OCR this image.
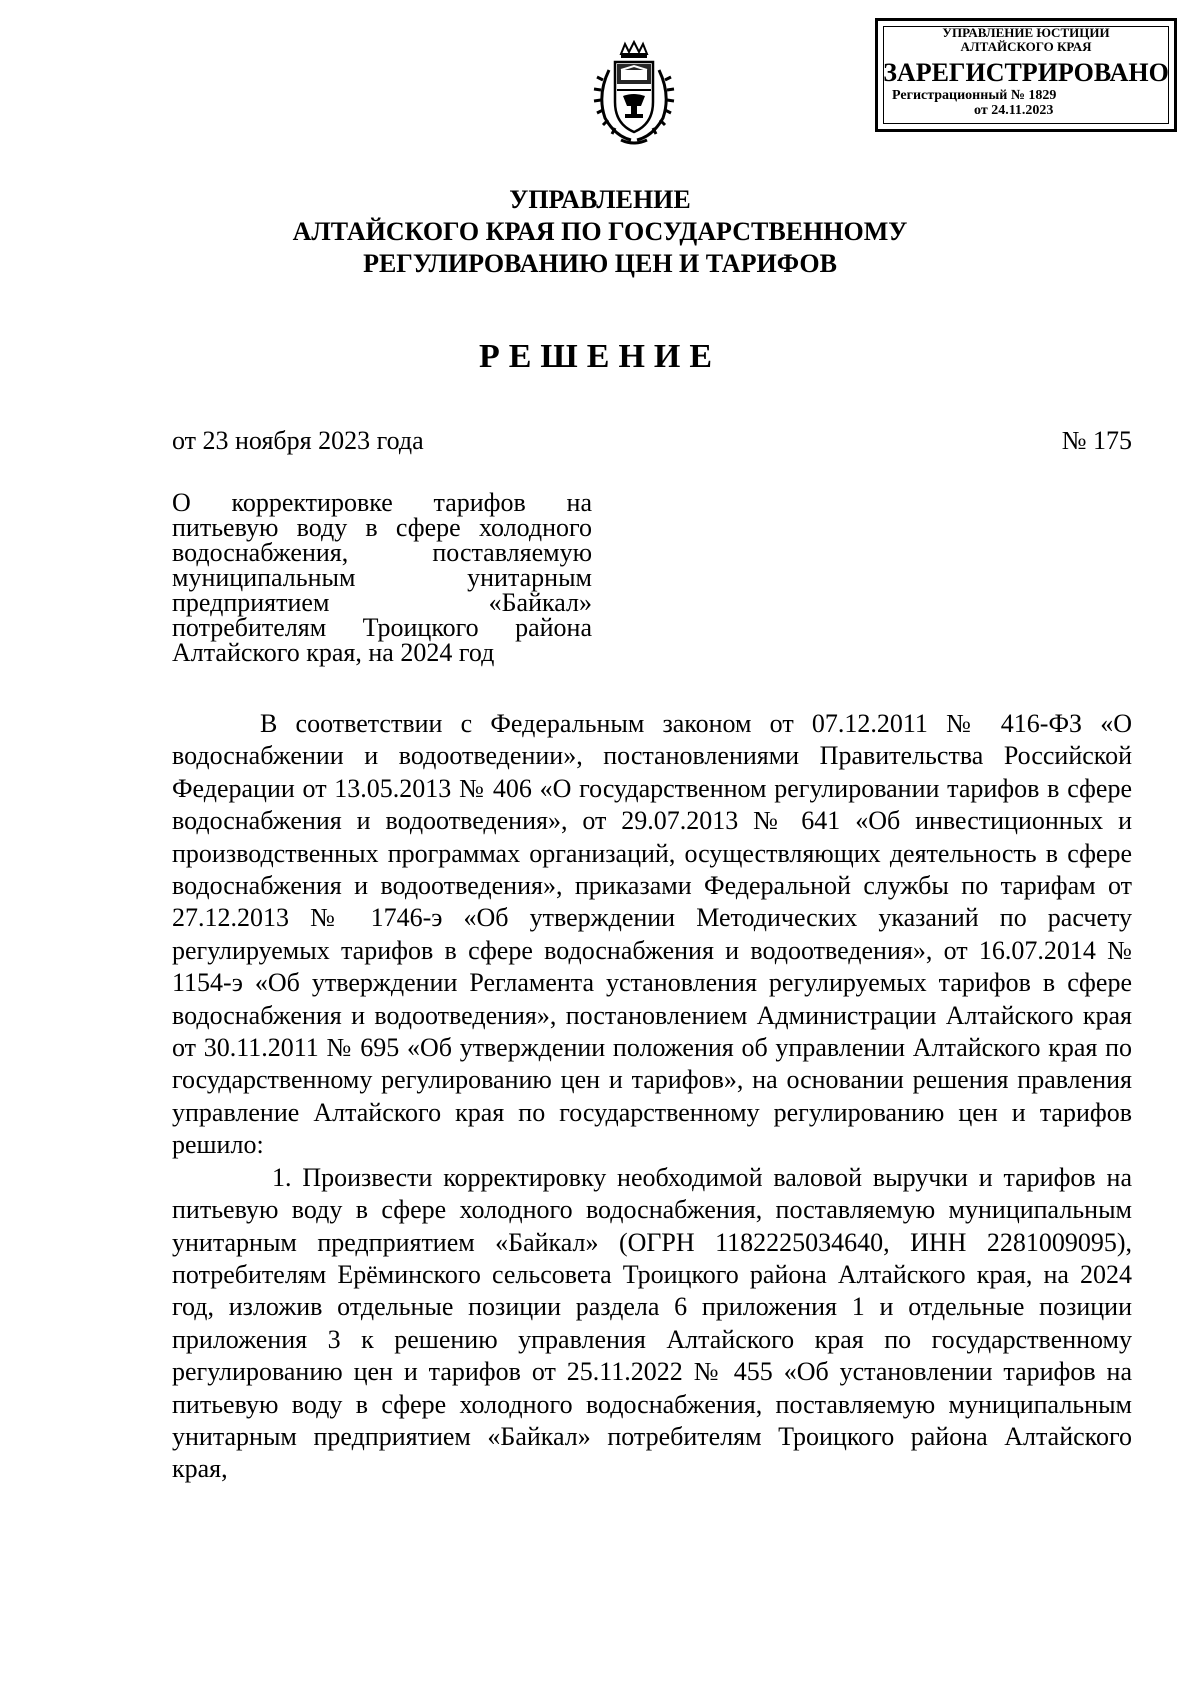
УПРАВЛЕНИЕ ЮСТИЦИИ
АЛТАЙСКОГО КРАЯ
ЗАРЕГИСТРИРОВАНО
Регистрационный № 1829
от 24.11.2023
УПРАВЛЕНИЕ
АЛТАЙСКОГО КРАЯ ПО ГОСУДАРСТВЕННОМУ
РЕГУЛИРОВАНИЮ ЦЕН И ТАРИФОВ
РЕШЕНИЕ
от 23 ноября 2023 года	№ 175
О корректировке тарифов на питьевую воду в сфере холодного водоснабжения, поставляемую муниципальным унитарным предприятием «Байкал» потребителям Троицкого района Алтайского края, на 2024 год

В соответствии с Федеральным законом от 07.12.2011 № 416-ФЗ «О водоснабжении и водоотведении», постановлениями Правительства Российской Федерации от 13.05.2013 № 406 «О государственном регулировании тарифов в сфере водоснабжения и водоотведения», от 29.07.2013 № 641 «Об инвестиционных и производственных программах организаций, осуществляющих деятельность в сфере водоснабжения и водоотведения», приказами Федеральной службы по тарифам от 27.12.2013 № 1746-э «Об утверждении Методических указаний по расчету регулируемых тарифов в сфере водоснабжения и водоотведения», от 16.07.2014 № 1154-э «Об утверждении Регламента установления регулируемых тарифов в сфере водоснабжения и водоотведения», постановлением Администрации Алтайского края от 30.11.2011 № 695 «Об утверждении положения об управлении Алтайского края по государственному регулированию цен и тарифов», на основании решения правления управление Алтайского края по государственному регулированию цен и тарифов решило:

1. Произвести корректировку необходимой валовой выручки и тарифов на питьевую воду в сфере холодного водоснабжения, поставляемую муниципальным унитарным предприятием «Байкал» (ОГРН 1182225034640, ИНН 2281009095), потребителям Ерёминского сельсовета Троицкого района Алтайского края, на 2024 год, изложив отдельные позиции раздела 6 приложения 1 и отдельные позиции приложения 3 к решению управления Алтайского края по государственному регулированию цен и тарифов от 25.11.2022 № 455 «Об установлении тарифов на питьевую воду в сфере холодного водоснабжения, поставляемую муниципальным унитарным предприятием «Байкал» потребителям Троицкого района Алтайского края,
